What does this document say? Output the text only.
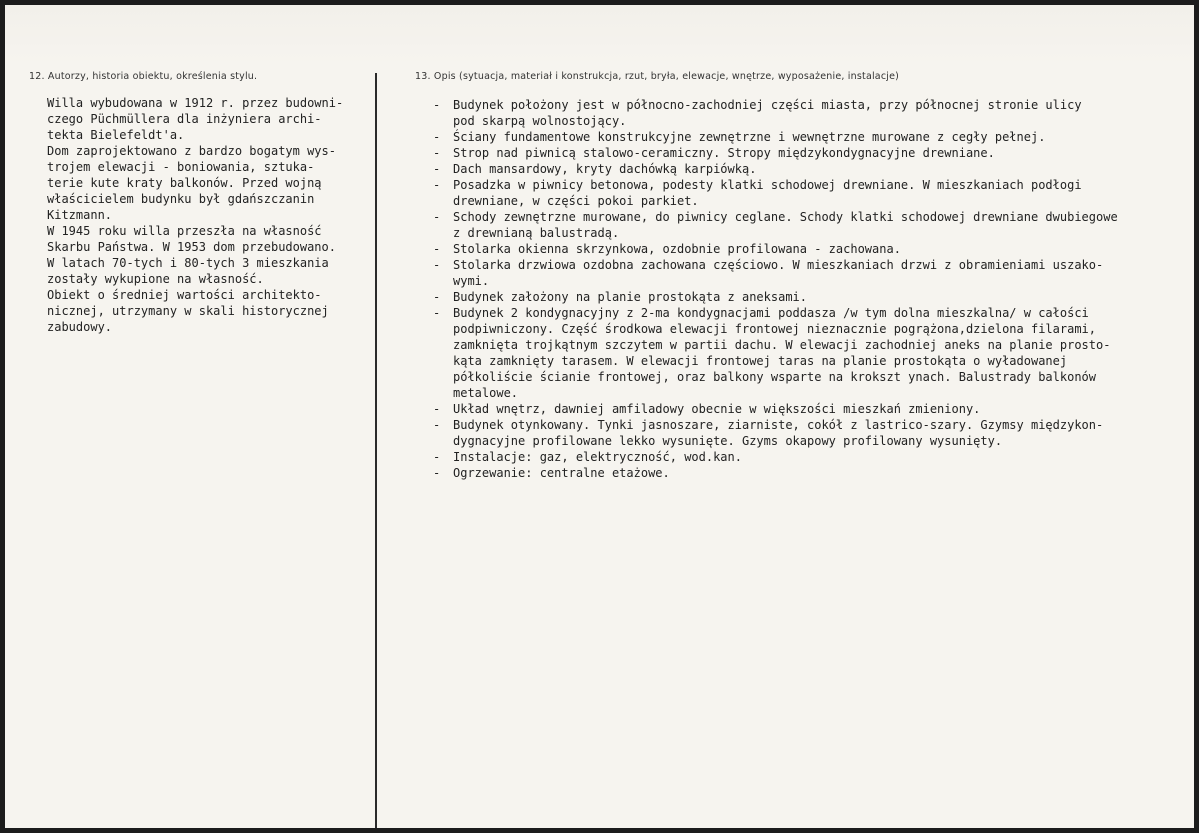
12. Autorzy, historia obiektu, określenia stylu.	13. Opis (sytuacja, materiał i konstrukcja, rzut, bryła, elewacje, wnętrze, wyposażenie, instalacje)
Willa wybudowana w 1912 r. przez budowni-
czego Püchmüllera dla inżyniera archi-
tekta Bielefeldt'a.
Dom zaprojektowano z bardzo bogatym wys-
trojem elewacji - boniowania, sztuka-
terie kute kraty balkonów. Przed wojną
właścicielem budynku był gdańszczanin
Kitzmann.
W 1945 roku willa przeszła na własność
Skarbu Państwa. W 1953 dom przebudowano.
W latach 70-tych i 80-tych 3 mieszkania
zostały wykupione na własność.
Obiekt o średniej wartości architekto-
nicznej, utrzymany w skali historycznej
zabudowy.
- Budynek położony jest w północno-zachodniej części miasta, przy północnej stronie ulicy
pod skarpą wolnostojący.
- Ściany fundamentowe konstrukcyjne zewnętrzne i wewnętrzne murowane z cegły pełnej.
- Strop nad piwnicą stalowo-ceramiczny. Stropy międzykondygnacyjne drewniane.
- Dach mansardowy, kryty dachówką karpiówką.
- Posadzka w piwnicy betonowa, podesty klatki schodowej drewniane. W mieszkaniach podłogi
drewniane, w części pokoi parkiet.
- Schody zewnętrzne murowane, do piwnicy ceglane. Schody klatki schodowej drewniane dwubiegowe
z drewnianą balustradą.
- Stolarka okienna skrzynkowa, ozdobnie profilowana - zachowana.
- Stolarka drzwiowa ozdobna zachowana częściowo. W mieszkaniach drzwi z obramieniami uszako-
wymi.
- Budynek założony na planie prostokąta z aneksami.
- Budynek 2 kondygnacyjny z 2-ma kondygnacjami poddasza /w tym dolna mieszkalna/ w całości
podpiwniczony. Część środkowa elewacji frontowej nieznacznie pogrążona,dzielona filarami,
zamknięta trojkątnym szczytem w partii dachu. W elewacji zachodniej aneks na planie prosto-
kąta zamknięty tarasem. W elewacji frontowej taras na planie prostokąta o wyładowanej
półkoliście ścianie frontowej, oraz balkony wsparte na krokszt ynach. Balustrady balkonów
metalowe.
- Układ wnętrz, dawniej amfiladowy obecnie w większości mieszkań zmieniony.
- Budynek otynkowany. Tynki jasnoszare, ziarniste, cokół z lastrico-szary. Gzymsy międzykon-
dygnacyjne profilowane lekko wysunięte. Gzyms okapowy profilowany wysunięty.
- Instalacje: gaz, elektryczność, wod.kan.
- Ogrzewanie: centralne etażowe.
